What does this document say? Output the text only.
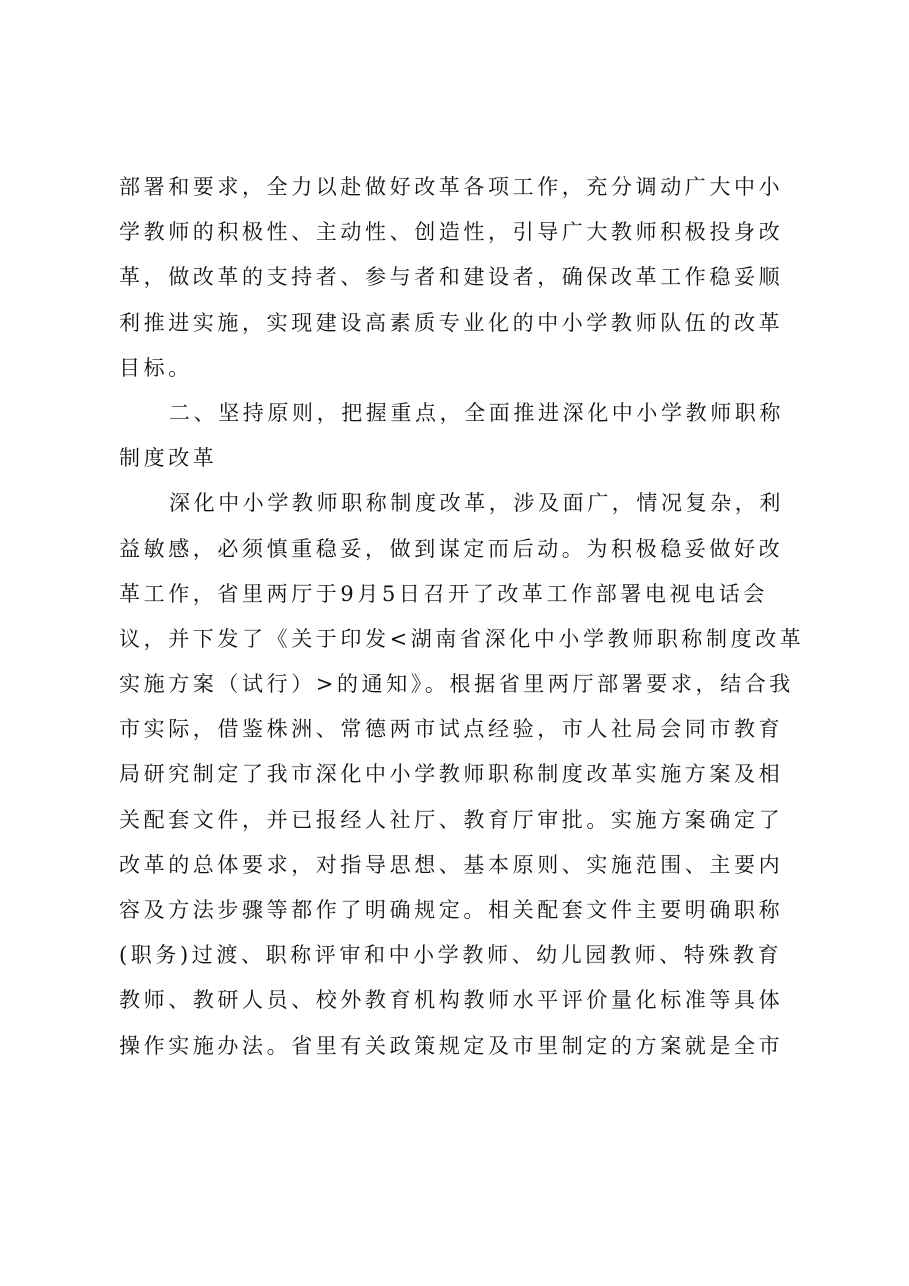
部署和要求，全力以赴做好改革各项工作，充分调动广大中小
学教师的积极性、主动性、创造性，引导广大教师积极投身改
革，做改革的支持者、参与者和建设者，确保改革工作稳妥顺
利推进实施，实现建设高素质专业化的中小学教师队伍的改革
目标。
二、坚持原则，把握重点，全面推进深化中小学教师职称
制度改革
深化中小学教师职称制度改革，涉及面广，情况复杂，利
益敏感，必须慎重稳妥，做到谋定而后动。为积极稳妥做好改
革工作，省里两厅于9月5日召开了改革工作部署电视电话会
议，并下发了《关于印发<湖南省深化中小学教师职称制度改革
实施方案（试行）>的通知》。根据省里两厅部署要求，结合我
市实际，借鉴株洲、常德两市试点经验，市人社局会同市教育
局研究制定了我市深化中小学教师职称制度改革实施方案及相
关配套文件，并已报经人社厅、教育厅审批。实施方案确定了
改革的总体要求，对指导思想、基本原则、实施范围、主要内
容及方法步骤等都作了明确规定。相关配套文件主要明确职称
(职务)过渡、职称评审和中小学教师、幼儿园教师、特殊教育
教师、教研人员、校外教育机构教师水平评价量化标准等具体
操作实施办法。省里有关政策规定及市里制定的方案就是全市
